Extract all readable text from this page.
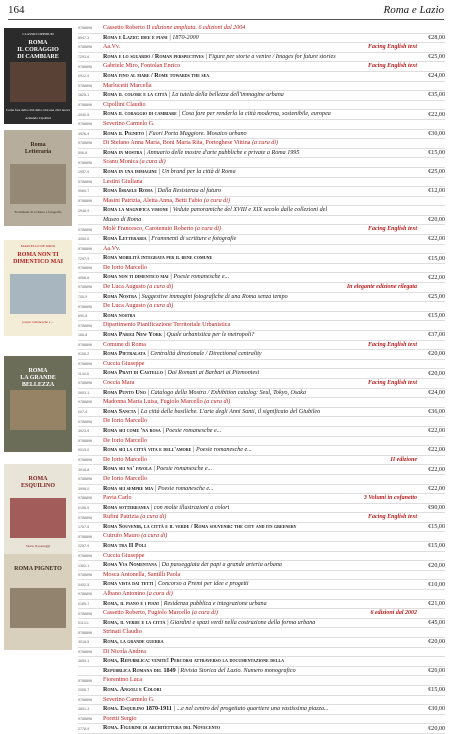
164	Roma e Lazio
CLASSICI OPPIDUM
ROMA
IL CORAGGIO
DI CAMBIARE
Come fare della città della crisi una città nuova
Armando Cipollini
Roma
Letteraria
Frammenti di scritture e fotografie
MARCELLO DE IORIO
ROMA NON TI
DIMENTICO MAI
poesie romanesche e ...
ROMA
LA GRANDE BELLEZZA
ROMA
ESQUILINO
Storie di paesaggi
ROMA PIGNETO
9788896	Cassetto Roberto II edizione ampliata. 6 edizioni dal 2004
8947-3	Roma e Lazio: idee e piani | 1870-2000	€28,00
9788896	Aa.Vv.	Facing English text
7293-6	Roma e lo sguardo / Roman perspectives | Figure per storie a venire / Images for future stories	€25,00
9788896	Gabriele Miro, Fontolan Enrico	Facing English text
0912-9	Roma fino al mare / Rome towards the sea	€24,00
9788896	Marlucetti Marcella
1825-1	Roma il colore e la città | La tutela della bellezza dell'immagine urbana	€35,00
9788896	Cipollini Claudio
4040-5	Roma il coraggio di cambiare | Cosa fare per renderla la città moderna, sostenibile, europea	€22,00
9788896	Severino Carmelo G.
4926-4	Roma il Pigneto | Fuori Porta Maggiore. Mosaico urbano	€30,00
9788896	Di Stefano Anna Maria, Boni Maria Rita, Portoghese Vittina (a cura di)
506-8	Roma in mostra | Annuario delle mostre d'arte pubbliche e private a Roma 1995	€15,00
9788896	Scanu Monica (a cura di)
1957-9	Roma in una immagine | Un brand per la città di Roma	€25,00
9788896	Lestini Giuliana
9060-7	Roma Israele Roma | Dalla Resistenza al futuro	€12,00
9788896	Masini Patrizia, Aletta Anna, Betti Fabio (a cura di)
1948-9	Roma la magnifica visione | Vedute panoramiche del XVIII e XIX secolo dalle collezioni del
Museo di Roma	€20,00
9788896	Molè Francesco, Carotenuto Roberto (a cura di)	Facing English text
4050-0	Roma Letteraria | Frammenti di scritture e fotografie	€22,00
9788896	Aa.Vv.
7297-9	Roma mobilità integrata per il bene comune	€15,00
9788896	De Iorio Marcello
4056-6	Roma non ti dimentico mai | Poesie romanesche e...	€22,00
9788896	De Luca Augusto (a cura di)	In elegante edizione rilegata
705-9	Roma Nostra | Suggestive immagini fotografiche di una Roma senza tempo	€25,00
9788896	De Luca Augusto (a cura di)
690-8	Roma nostra	€15,00
9788896	Dipartimento Pianificazione Territoriale Urbanistica
166-8	Roma Parigi New York | Quale urbanistica per le metropoli?	€37,00
9788896	Comune di Roma	Facing English text
0156-2	Roma Pietralata | Centralità direzionale / Directional centrality	€20,00
9788896	Cuccia Giuseppe
1144-5	Roma Prati di Castello | Dai Romani ai Barbari ai Piemontesi	€20,00
9788896	Coccia Mara	Facing English text
0653-1	Roma Punto Uno | Catalogo della Mostra / Exhibition catalog: Seul, Tokyo, Osaka	€24,00
9788896	Madonna Maria Luisa, Fugiolo Marcello (a cura di)
007-4	Roma Sancta | La città delle basiliche. L'arte degli Anni Santi, il significato del Giubileo	€36,00
9788896	De Iorio Marcello
4023-9	Roma sei come 'na rosa | Poesie romanesche e...	€22,00
9788896	De Iorio Marcello
9019-0	Roma sei la città vita e dell'amore | Poesie romanesche e...	€22,00
9788896	De Iorio Marcello	II edizione
3918-8	Roma sei na' favola | Poesie romanesche e...	€22,00
9788896	De Iorio Marcello
3998-0	Roma sei sempre mia | Poesie romanesche e...	€22,00
9788896	Pavia Carlo	3 Volumi in cofanetto
0156-9	Roma sotterranea | con molte illustrazioni a colori	€90,00
9788896	Rufini Patrizia (a cura di)	Facing English text
1757-5	Roma Souvenir, la città e il verde / Roma souvenir: the city and its greenery	€15,00
9788896	Cutrufo Mauro (a cura di)
2257-9	Roma tra II Poli	€15,00
9788896	Cuccia Giuseppe
1362-1	Roma Via Nomentana | Da passeggiata dei papi a grande arteria urbana	€20,00
9788896	Mosca Antonella, Santilli Paola
0402-5	Roma vista dai tetti | Concorso a Premi per idee e progetti	€10,00
9788896	Albano Antonino (a cura di)
0185-7	Roma, il piano e i piani | Residenza pubblica e integrazione urbana	€21,00
9788896	Cassetto Roberto, Fugiolo Marcello (a cura di)	6 edizioni dal 2002
0114-1	Roma, il verde e la città | Giardini e spazi verdi nella costruzione della forma urbana	€45,00
9788896	Strinati Claudio
3018-5	Roma, la grande guerra	€20,00
9788896	Di Nicola Andrea
3659-1	Roma, Repubblica: venite! Percorsi attraverso la documentazione della
Repubblica Romana del 1849 | Rivista Storica del Lazio. Numero monografico	€20,00
9788896	Fiorentino Luca
2006-7	Roma. Angoli e Colori	€15,00
9788896	Severino Carmelo G.
3801-3	Roma. Esquilino 1870-1911 | ...e nel centro del progettato quartiere una vastissima piazza...	€30,00
9788896	Poretti Sergio
2778-9	Roma. Figurine di architettura del Novecento	€20,00
